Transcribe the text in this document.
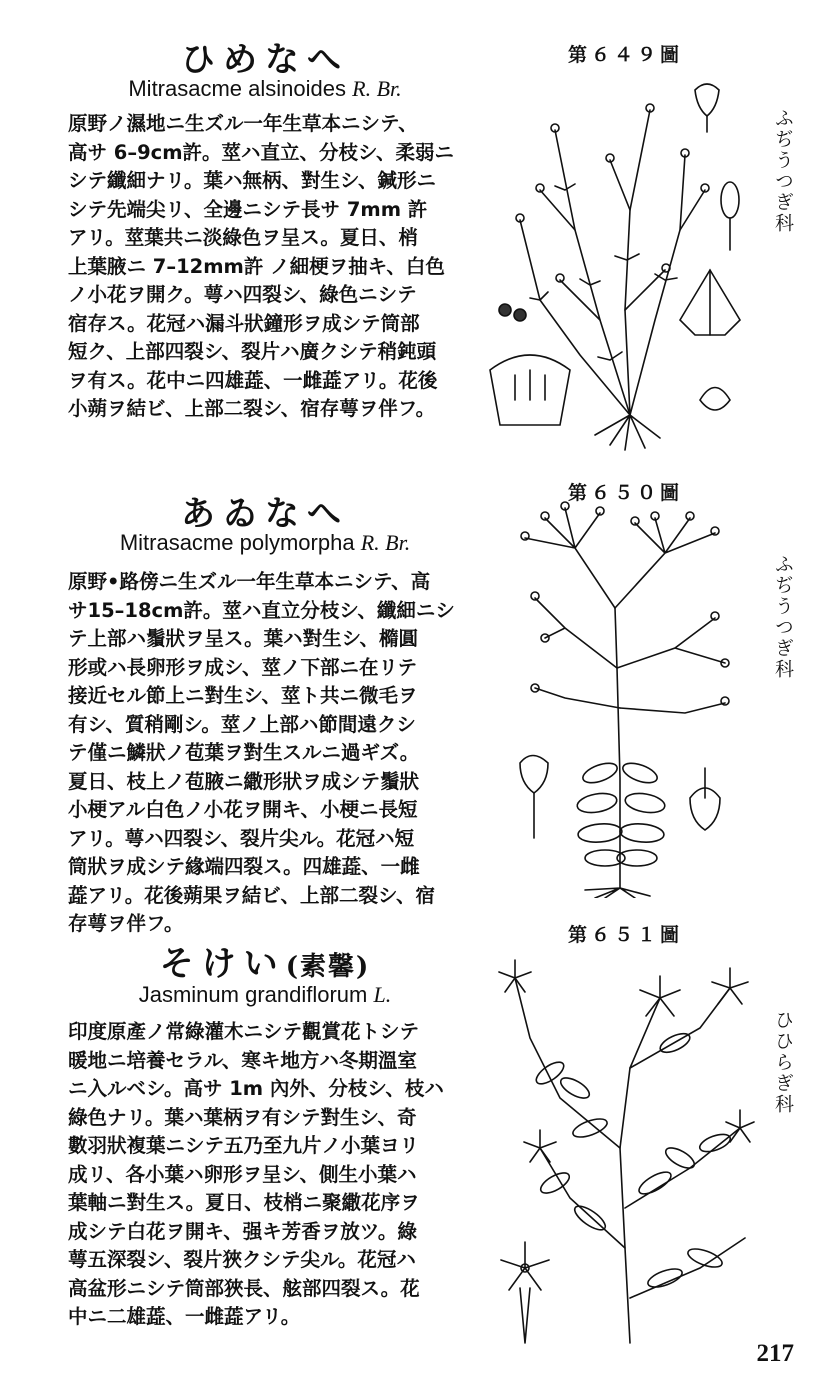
ひめなへ

Mitrasacme alsinoides R. Br.

原野ノ濕地ニ生ズル一年生草本ニシテ、
高サ 6–9cm許。莖ハ直立、分枝シ、柔弱ニ
シテ纖細ナリ。葉ハ無柄、對生シ、鍼形ニ
シテ先端尖リ、全邊ニシテ長サ 7mm 許
アリ。莖葉共ニ淡綠色ヲ呈ス。夏日、梢
上葉腋ニ 7–12mm許 ノ細梗ヲ抽キ、白色
ノ小花ヲ開ク。萼ハ四裂シ、綠色ニシテ
宿存ス。花冠ハ漏斗狀鐘形ヲ成シテ筒部
短ク、上部四裂シ、裂片ハ廣クシテ稍鈍頭
ヲ有ス。花中ニ四雄蕋、一雌蕋アリ。花後
小蒴ヲ結ビ、上部二裂シ、宿存萼ヲ伴フ。

第６４９圖
ふぢうつぎ科
あゐなへ

Mitrasacme polymorpha R. Br.

原野•路傍ニ生ズル一年生草本ニシテ、高
サ15–18cm許。莖ハ直立分枝シ、纖細ニシ
テ上部ハ鬚狀ヲ呈ス。葉ハ對生シ、橢圓
形或ハ長卵形ヲ成シ、莖ノ下部ニ在リテ
接近セル節上ニ對生シ、莖ト共ニ微毛ヲ
有シ、質稍剛シ。莖ノ上部ハ節間遠クシ
テ僅ニ鱗狀ノ苞葉ヲ對生スルニ過ギズ。
夏日、枝上ノ苞腋ニ繖形狀ヲ成シテ鬚狀
小梗アル白色ノ小花ヲ開キ、小梗ニ長短
アリ。萼ハ四裂シ、裂片尖ル。花冠ハ短
筒狀ヲ成シテ緣端四裂ス。四雄蕋、一雌
蕋アリ。花後蒴果ヲ結ビ、上部二裂シ、宿
存萼ヲ伴フ。

第６５０圖
ふぢうつぎ科
そけい(素馨)

Jasminum grandiflorum L.

印度原產ノ常綠灌木ニシテ觀賞花トシテ
暖地ニ培養セラル、寒キ地方ハ冬期溫室
ニ入ルベシ。高サ 1m 內外、分枝シ、枝ハ
綠色ナリ。葉ハ葉柄ヲ有シテ對生シ、奇
數羽狀複葉ニシテ五乃至九片ノ小葉ヨリ
成リ、各小葉ハ卵形ヲ呈シ、側生小葉ハ
葉軸ニ對生ス。夏日、枝梢ニ聚繖花序ヲ
成シテ白花ヲ開キ、强キ芳香ヲ放ツ。綠
萼五深裂シ、裂片狹クシテ尖ル。花冠ハ
高盆形ニシテ筒部狹長、舷部四裂ス。花
中ニ二雄蕋、一雌蕋アリ。

第６５１圖
ひひらぎ科
217
